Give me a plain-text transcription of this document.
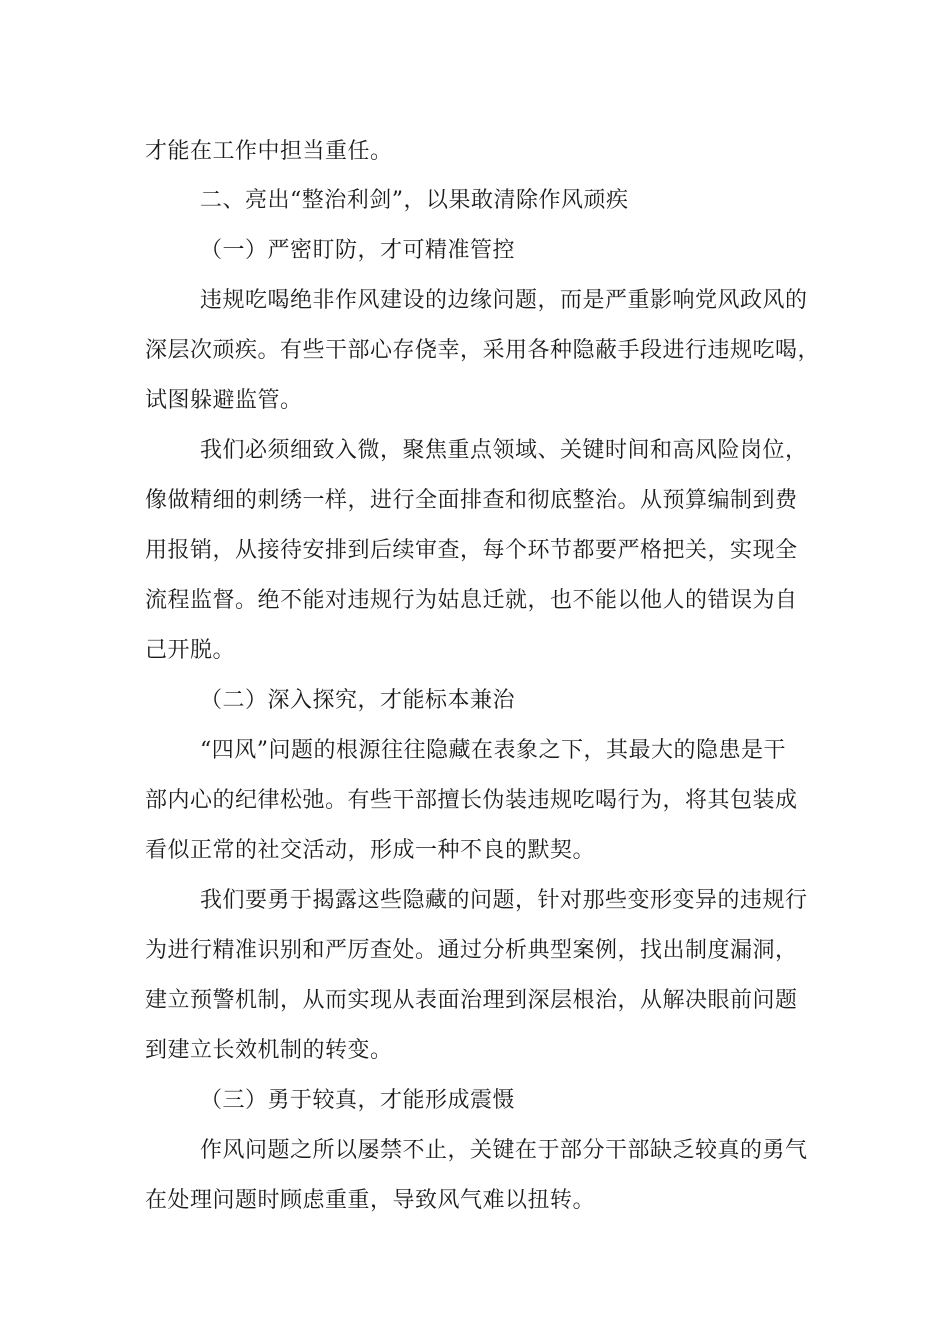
才能在工作中担当重任。
二、亮出“整治利剑”，以果敢清除作风顽疾
（一）严密盯防，才可精准管控
违规吃喝绝非作风建设的边缘问题，而是严重影响党风政风的
深层次顽疾。有些干部心存侥幸，采用各种隐蔽手段进行违规吃喝，
试图躲避监管。
我们必须细致入微，聚焦重点领域、关键时间和高风险岗位，
像做精细的刺绣一样，进行全面排查和彻底整治。从预算编制到费
用报销，从接待安排到后续审查，每个环节都要严格把关，实现全
流程监督。绝不能对违规行为姑息迁就，也不能以他人的错误为自
己开脱。
（二）深入探究，才能标本兼治
“四风”问题的根源往往隐藏在表象之下，其最大的隐患是干
部内心的纪律松弛。有些干部擅长伪装违规吃喝行为，将其包装成
看似正常的社交活动，形成一种不良的默契。
我们要勇于揭露这些隐藏的问题，针对那些变形变异的违规行
为进行精准识别和严厉查处。通过分析典型案例，找出制度漏洞，
建立预警机制，从而实现从表面治理到深层根治，从解决眼前问题
到建立长效机制的转变。
（三）勇于较真，才能形成震慑
作风问题之所以屡禁不止，关键在于部分干部缺乏较真的勇气
在处理问题时顾虑重重，导致风气难以扭转。
